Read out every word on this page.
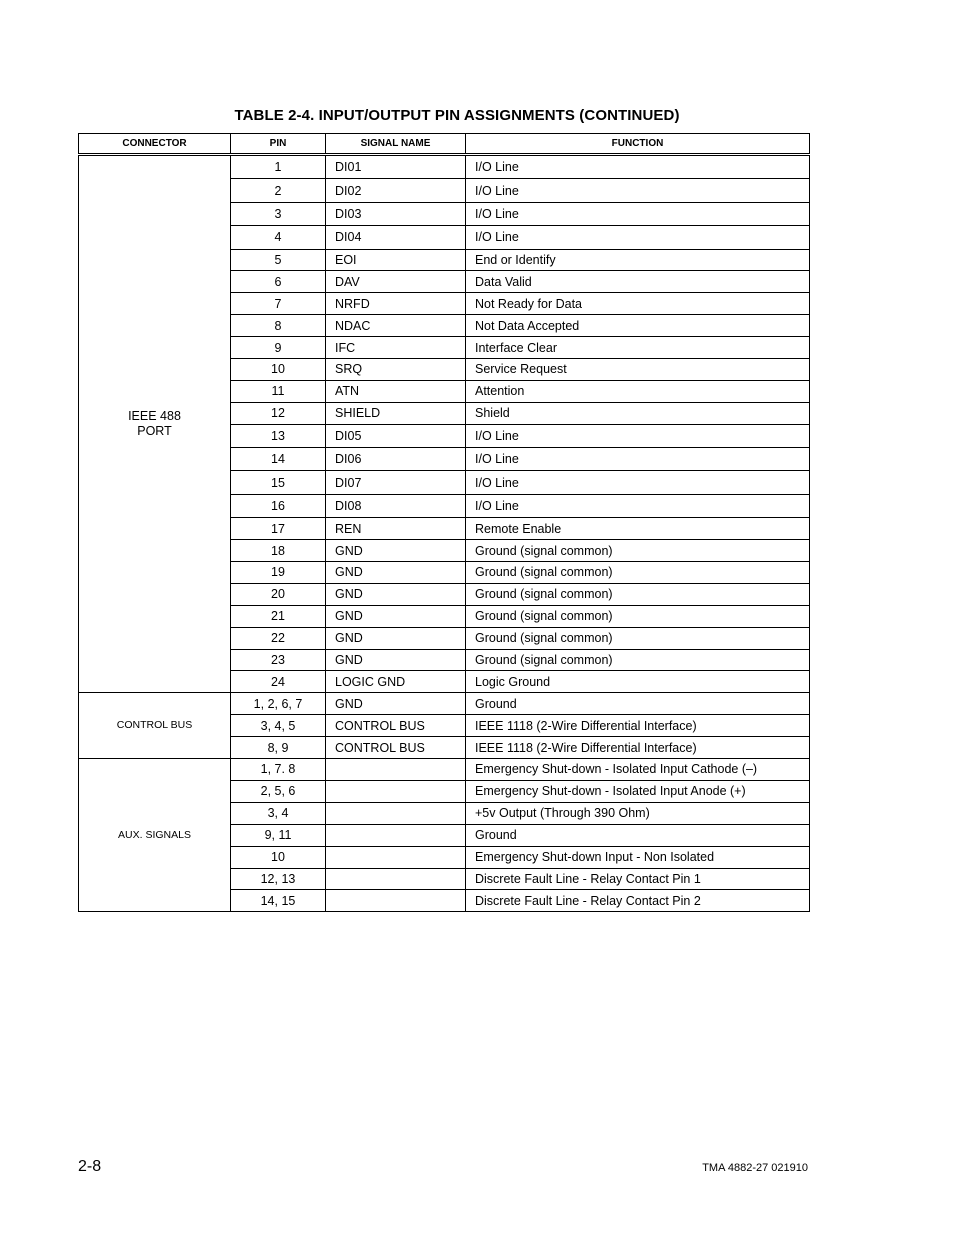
TABLE 2-4. INPUT/OUTPUT PIN ASSIGNMENTS (CONTINUED)
CONNECTOR	PIN	SIGNAL NAME	FUNCTION

IEEE 488
PORT	1	DI01	I/O Line
	2	DI02	I/O Line
	3	DI03	I/O Line
	4	DI04	I/O Line
	5	EOI	End or Identify
	6	DAV	Data Valid
	7	NRFD	Not Ready for Data
	8	NDAC	Not Data Accepted
	9	IFC	Interface Clear
	10	SRQ	Service Request
	11	ATN	Attention
	12	SHIELD	Shield
	13	DI05	I/O Line
	14	DI06	I/O Line
	15	DI07	I/O Line
	16	DI08	I/O Line
	17	REN	Remote Enable
	18	GND	Ground (signal common)
	19	GND	Ground (signal common)
	20	GND	Ground (signal common)
	21	GND	Ground (signal common)
	22	GND	Ground (signal common)
	23	GND	Ground (signal common)
	24	LOGIC GND	Logic Ground

CONTROL BUS	1, 2, 6, 7	GND	Ground
	3, 4, 5	CONTROL BUS	IEEE 1118 (2-Wire Differential Interface)
	8, 9	CONTROL BUS	IEEE 1118 (2-Wire Differential Interface)

AUX. SIGNALS	1, 7. 8		Emergency Shut-down - Isolated Input Cathode (–)
	2, 5, 6		Emergency Shut-down - Isolated Input Anode (+)
	3, 4		+5v Output (Through 390 Ohm)
	9, 11		Ground
	10		Emergency Shut-down Input - Non Isolated
	12, 13		Discrete Fault Line - Relay Contact Pin 1
	14, 15		Discrete Fault Line - Relay Contact Pin 2
2-8	TMA 4882-27 021910
